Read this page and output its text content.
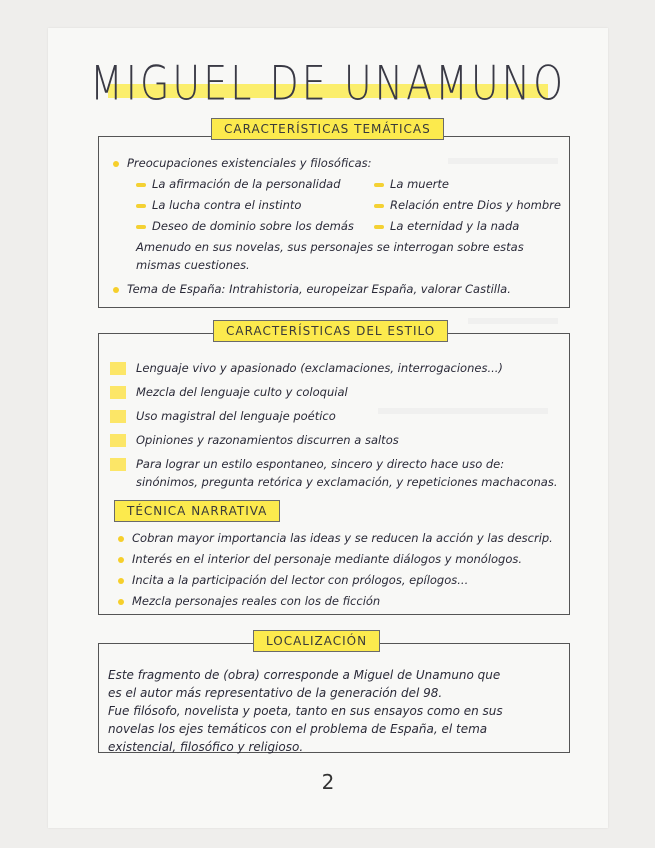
MIGUEL DE UNAMUNO
CARACTERÍSTICAS TEMÁTICAS
Preocupaciones existenciales y filosóficas:
La afirmación de la personalidad
La lucha contra el instinto
Deseo de dominio sobre los demás
La muerte
Relación entre Dios y hombre
La eternidad y la nada
Amenudo en sus novelas, sus personajes se interrogan sobre estas
mismas cuestiones.
Tema de España: Intrahistoria, europeizar España, valorar Castilla.
CARACTERÍSTICAS DEL ESTILO
Lenguaje vivo y apasionado (exclamaciones, interrogaciones...)
Mezcla del lenguaje culto y coloquial
Uso magistral del lenguaje poético
Opiniones y razonamientos discurren a saltos
Para lograr un estilo espontaneo, sincero y directo hace uso de:
sinónimos, pregunta retórica y exclamación, y repeticiones machaconas.
TÉCNICA NARRATIVA
Cobran mayor importancia las ideas y se reducen la acción y las descrip.
Interés en el interior del personaje mediante diálogos y monólogos.
Incita a la participación del lector con prólogos, epílogos...
Mezcla personajes reales con los de ficción
LOCALIZACIÓN
Este fragmento de (obra) corresponde a Miguel de Unamuno que
es el autor más representativo de la generación del 98.
Fue filósofo, novelista y poeta, tanto en sus ensayos como en sus
novelas los ejes temáticos con el problema de España, el tema
existencial, filosófico y religioso.
2
